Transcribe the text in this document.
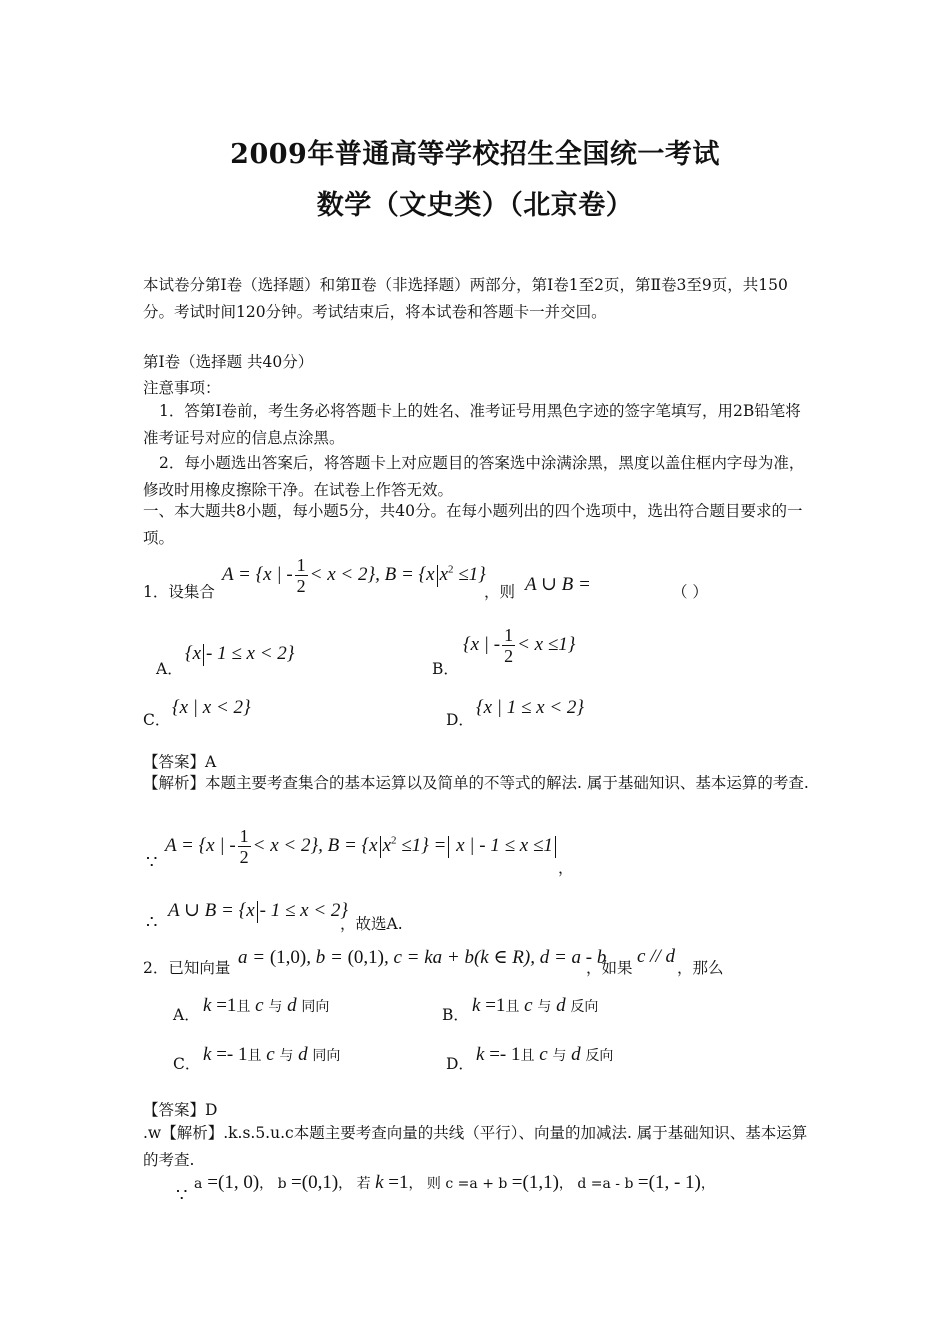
2009年普通高等学校招生全国统一考试
数学（文史类）（北京卷）
本试卷分第I卷（选择题）和第Ⅱ卷（非选择题）两部分，第I卷1至2页，第Ⅱ卷3至9页，共150分。考试时间120分钟。考试结束后，将本试卷和答题卡一并交回。
第I卷（选择题 共40分）
注意事项：
1．答第I卷前，考生务必将答题卡上的姓名、准考证号用黑色字迹的签字笔填写，用2B铅笔将准考证号对应的信息点涂黑。
2．每小题选出答案后，将答题卡上对应题目的答案选中涂满涂黑，黑度以盖住框内字母为准，修改时用橡皮擦除干净。在试卷上作答无效。
一、本大题共8小题，每小题5分，共40分。在每小题列出的四个选项中，选出符合题目要求的一项。
1．设集合
A = {x | - $\frac{1}{2} < x < 2$}, B = {x $x^2 \le 1$}
，则 A ∪ B =	（ ）
A．
{x - 1 ≤ x < 2}
B．
{x | - $\frac{1}{2} < x \le 1$}
C．
{x | x < 2}
D．
{x | 1 ≤ x < 2}
【答案】A
【解析】本题主要考查集合的基本运算以及简单的不等式的解法. 属于基础知识、基本运算的考查.
∵
A = {x | - $\frac{1}{2} < x < 2$}, B = {x $x^2 \le 1\} = x$ | - 1 ≤ x ≤1
，
∴
A ∪ B = {x - 1 ≤ x < 2}
，故选A.
2．已知向量 a = (1,0), b = (0,1), c = ka + b(k ∈ R), d = a - b
，如果
c // d
，那么
A． k =1且 c 与 d 同向	B． k =1且 c 与 d 反向
C． k =- 1且 c 与 d 同向	D． k =- 1且 c 与 d 反向
【答案】D
.w【解析】.k.s.5.u.c本题主要考查向量的共线（平行）、向量的加减法. 属于基础知识、基本运算的考查.
∵
a =(1, 0)， b =(0,1)， 若 k =1， 则 c =a + b =(1,1)， d =a - b =(1, - 1)，
